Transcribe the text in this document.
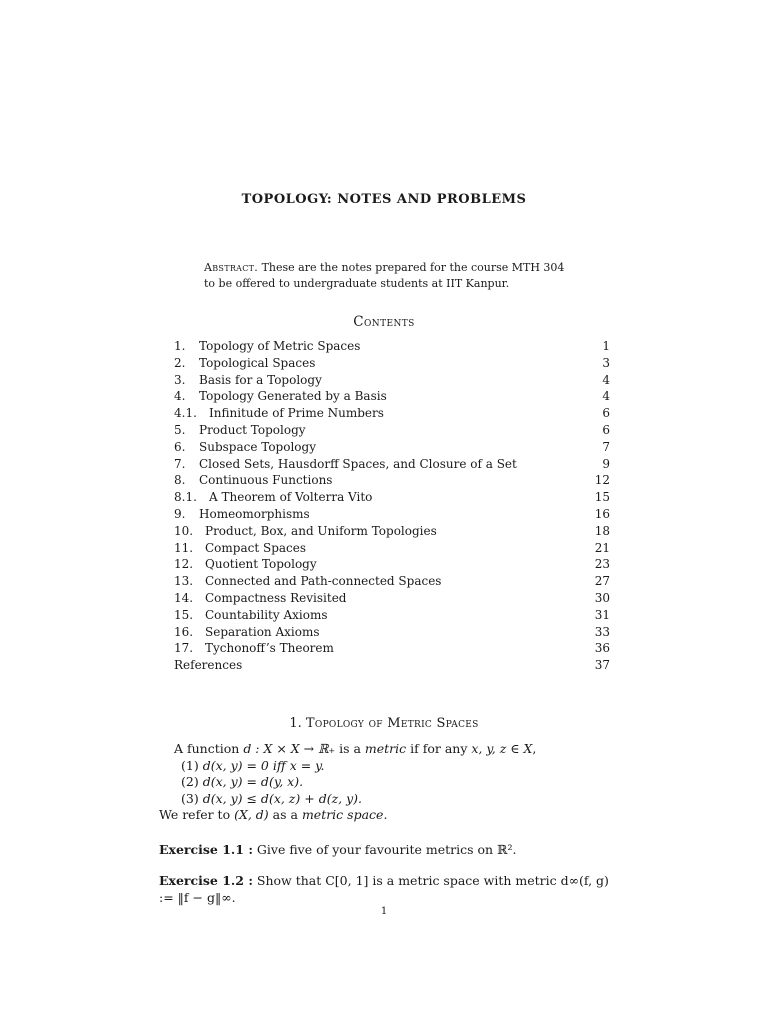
TOPOLOGY: NOTES AND PROBLEMS
Abstract. These are the notes prepared for the course MTH 304 to be offered to undergraduate students at IIT Kanpur.
Contents
1.	Topology of Metric Spaces	1
2.	Topological Spaces	3
3.	Basis for a Topology	4
4.	Topology Generated by a Basis	4
4.1.	Infinitude of Prime Numbers	6
5.	Product Topology	6
6.	Subspace Topology	7
7.	Closed Sets, Hausdorff Spaces, and Closure of a Set	9
8.	Continuous Functions	12
8.1.	A Theorem of Volterra Vito	15
9.	Homeomorphisms	16
10. Product, Box, and Uniform Topologies	18
11. Compact Spaces	21
12. Quotient Topology	23
13. Connected and Path-connected Spaces	27
14. Compactness Revisited	30
15. Countability Axioms	31
16. Separation Axioms	33
17. Tychonoff’s Theorem	36
References	37
1. Topology of Metric Spaces
A function d : X × X → ℝ₊ is a metric if for any x, y, z ∈ X,
(1) d(x, y) = 0 iff x = y.
(2) d(x, y) = d(y, x).
(3) d(x, y) ≤ d(x, z) + d(z, y).
We refer to (X, d) as a metric space.
Exercise 1.1 : Give five of your favourite metrics on ℝ².
Exercise 1.2 : Show that C[0, 1] is a metric space with metric d∞(f, g) := ‖f − g‖∞.
1
